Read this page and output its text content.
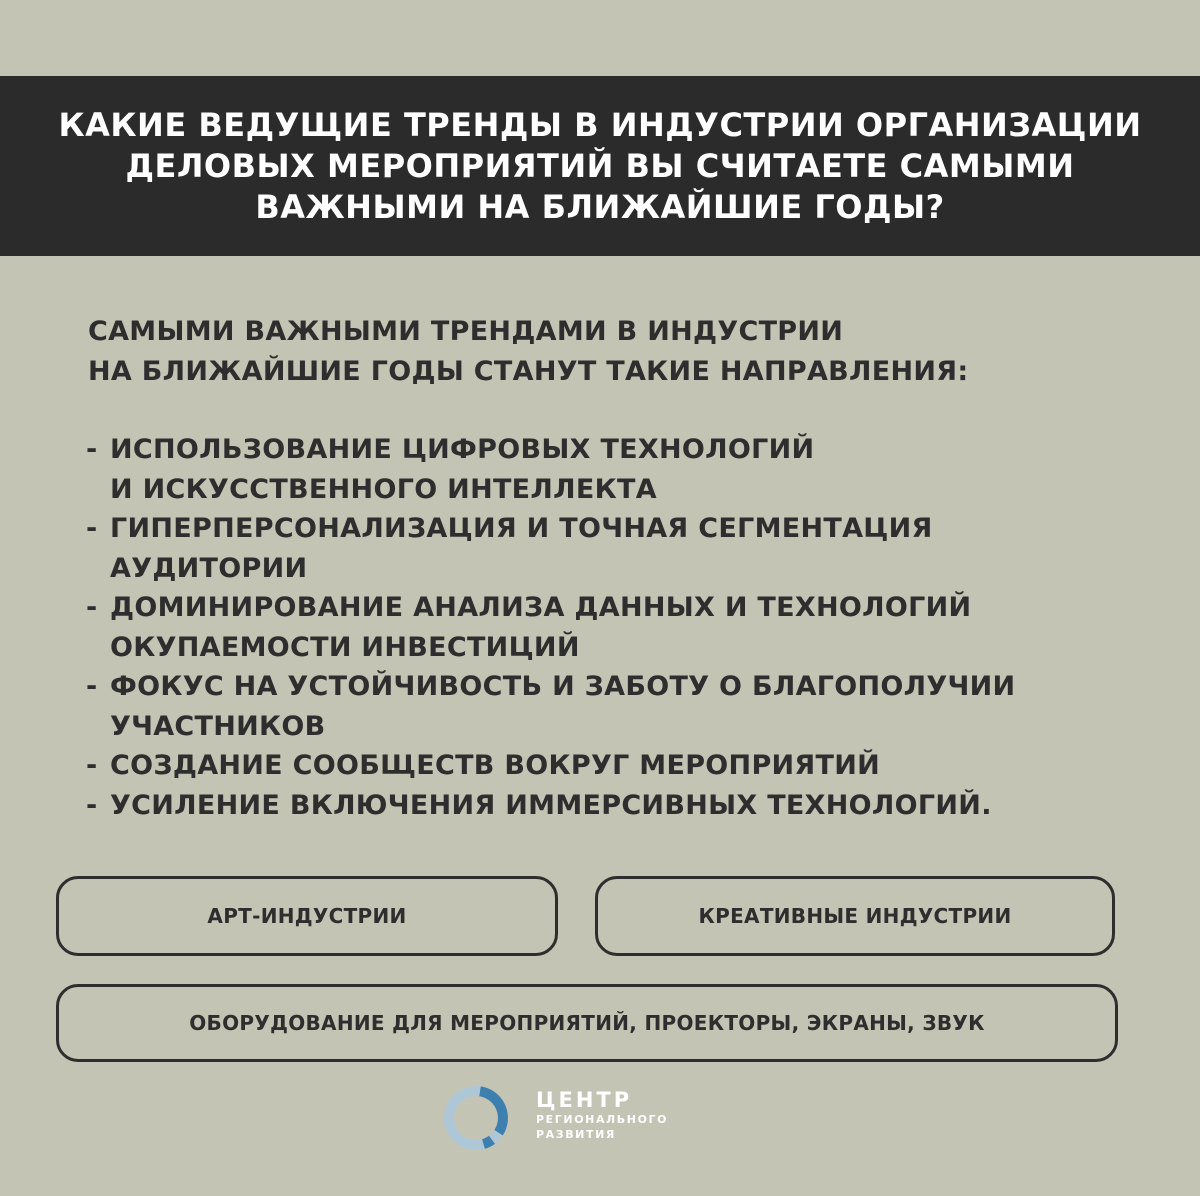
КАКИЕ ВЕДУЩИЕ ТРЕНДЫ В ИНДУСТРИИ ОРГАНИЗАЦИИ ДЕЛОВЫХ МЕРОПРИЯТИЙ ВЫ СЧИТАЕТЕ САМЫМИ ВАЖНЫМИ НА БЛИЖАЙШИЕ ГОДЫ?
САМЫМИ ВАЖНЫМИ ТРЕНДАМИ В ИНДУСТРИИ
НА БЛИЖАЙШИЕ ГОДЫ СТАНУТ ТАКИЕ НАПРАВЛЕНИЯ:
- ИСПОЛЬЗОВАНИЕ ЦИФРОВЫХ ТЕХНОЛОГИЙ
И ИСКУССТВЕННОГО ИНТЕЛЛЕКТА
- ГИПЕРПЕРСОНАЛИЗАЦИЯ И ТОЧНАЯ СЕГМЕНТАЦИЯ
АУДИТОРИИ
- ДОМИНИРОВАНИЕ АНАЛИЗА ДАННЫХ И ТЕХНОЛОГИЙ
ОКУПАЕМОСТИ ИНВЕСТИЦИЙ
- ФОКУС НА УСТОЙЧИВОСТЬ И ЗАБОТУ О БЛАГОПОЛУЧИИ
УЧАСТНИКОВ
- СОЗДАНИЕ СООБЩЕСТВ ВОКРУГ МЕРОПРИЯТИЙ
- УСИЛЕНИЕ ВКЛЮЧЕНИЯ ИММЕРСИВНЫХ ТЕХНОЛОГИЙ.
АРТ-ИНДУСТРИИ	КРЕАТИВНЫЕ ИНДУСТРИИ
ОБОРУДОВАНИЕ ДЛЯ МЕРОПРИЯТИЙ, ПРОЕКТОРЫ, ЭКРАНЫ, ЗВУК
ЦЕНТР
РЕГИОНАЛЬНОГО
РАЗВИТИЯ
